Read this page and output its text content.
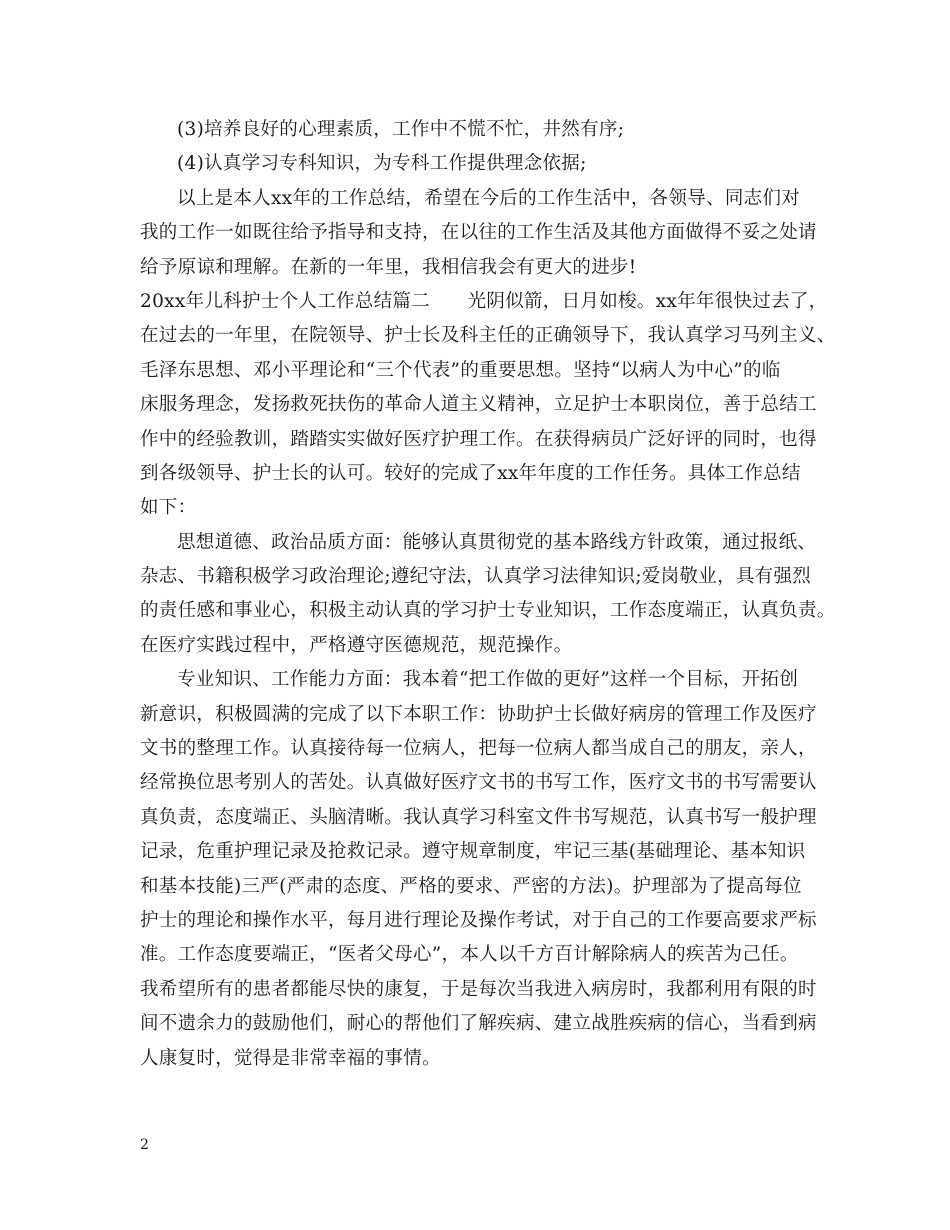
(3)培养良好的心理素质，工作中不慌不忙，井然有序;
(4)认真学习专科知识，为专科工作提供理念依据;
以上是本人xx年的工作总结，希望在今后的工作生活中，各领导、同志们对
我的工作一如既往给予指导和支持，在以往的工作生活及其他方面做得不妥之处请
给予原谅和理解。在新的一年里，我相信我会有更大的进步!
20xx年儿科护士个人工作总结篇二　　光阴似箭，日月如梭。xx年年很快过去了，
在过去的一年里，在院领导、护士长及科主任的正确领导下，我认真学习马列主义、
毛泽东思想、邓小平理论和“三个代表”的重要思想。坚持“以病人为中心”的临
床服务理念，发扬救死扶伤的革命人道主义精神，立足护士本职岗位，善于总结工
作中的经验教训，踏踏实实做好医疗护理工作。在获得病员广泛好评的同时，也得
到各级领导、护士长的认可。较好的完成了xx年年度的工作任务。具体工作总结
如下：
思想道德、政治品质方面：能够认真贯彻党的基本路线方针政策，通过报纸、
杂志、书籍积极学习政治理论;遵纪守法，认真学习法律知识;爱岗敬业，具有强烈
的责任感和事业心，积极主动认真的学习护士专业知识，工作态度端正，认真负责。
在医疗实践过程中，严格遵守医德规范，规范操作。
专业知识、工作能力方面：我本着“把工作做的更好”这样一个目标，开拓创
新意识，积极圆满的完成了以下本职工作：协助护士长做好病房的管理工作及医疗
文书的整理工作。认真接待每一位病人，把每一位病人都当成自己的朋友，亲人，
经常换位思考别人的苦处。认真做好医疗文书的书写工作，医疗文书的书写需要认
真负责，态度端正、头脑清晰。我认真学习科室文件书写规范，认真书写一般护理
记录，危重护理记录及抢救记录。遵守规章制度，牢记三基(基础理论、基本知识
和基本技能)三严(严肃的态度、严格的要求、严密的方法)。护理部为了提高每位
护士的理论和操作水平，每月进行理论及操作考试，对于自己的工作要高要求严标
准。工作态度要端正，“医者父母心”，本人以千方百计解除病人的疾苦为己任。
我希望所有的患者都能尽快的康复，于是每次当我进入病房时，我都利用有限的时
间不遗余力的鼓励他们，耐心的帮他们了解疾病、建立战胜疾病的信心，当看到病
人康复时，觉得是非常幸福的事情。
2
